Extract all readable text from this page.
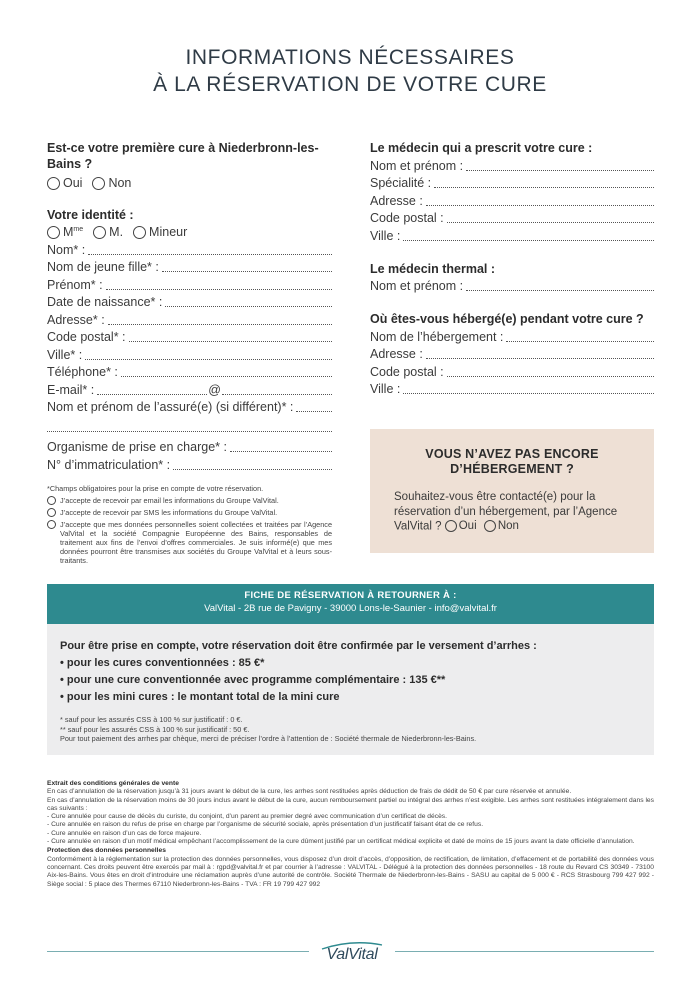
INFORMATIONS NÉCESSAIRES
À LA RÉSERVATION DE VOTRE CURE
Est-ce votre première cure à Niederbronn-les-Bains ?
Oui Non
Votre identité :
$M^{me}$ M. Mineur
Nom* :
Nom de jeune fille* :
Prénom* :
Date de naissance* :
Adresse* :
Code postal* :
Ville* :
Téléphone* :
E-mail* :	@
Nom et prénom de l’assuré(e) (si différent)* :
Organisme de prise en charge* :
N° d’immatriculation* :
*Champs obligatoires pour la prise en compte de votre réservation.
J’accepte de recevoir par email les informations du Groupe ValVital.
J’accepte de recevoir par SMS les informations du Groupe ValVital.
J’accepte que mes données personnelles soient collectées et traitées par l’Agence ValVital et la société Compagnie Européenne des Bains, responsables de traitement aux fins de l’envoi d’offres commerciales. Je suis informé(e) que mes données pourront être transmises aux sociétés du Groupe ValVital et à leurs sous-traitants.
Le médecin qui a prescrit votre cure :
Nom et prénom :
Spécialité :
Adresse :
Code postal :
Ville :
Le médecin thermal :
Nom et prénom :
Où êtes-vous hébergé(e) pendant votre cure ?
Nom de l’hébergement :
Adresse :
Code postal :
Ville :
VOUS N’AVEZ PAS ENCORE
D’HÉBERGEMENT ?
Souhaitez-vous être contacté(e) pour la réservation d’un hébergement, par l’Agence ValVital ? Oui
Non
FICHE DE RÉSERVATION À RETOURNER À :
ValVital - 2B rue de Pavigny - 39000 Lons-le-Saunier - info@valvital.fr
Pour être prise en compte, votre réservation doit être confirmée par le versement d’arrhes :
• pour les cures conventionnées : 85 €*
• pour une cure conventionnée avec programme complémentaire : 135 €**
• pour les mini cures : le montant total de la mini cure
* sauf pour les assurés CSS à 100 % sur justificatif : 0 €.
** sauf pour les assurés CSS à 100 % sur justificatif : 50 €.
Pour tout paiement des arrhes par chèque, merci de préciser l’ordre à l’attention de : Société thermale de Niederbronn-les-Bains.
Extrait des conditions générales de vente
En cas d’annulation de la réservation jusqu’à 31 jours avant le début de la cure, les arrhes sont restituées après déduction de frais de dédit de 50 € par cure réservée et annulée.
En cas d’annulation de la réservation moins de 30 jours inclus avant le début de la cure, aucun remboursement partiel ou intégral des arrhes n’est exigible. Les arrhes sont restituées intégralement dans les cas suivants :
- Cure annulée pour cause de décès du curiste, du conjoint, d’un parent au premier degré avec communication d’un certificat de décès.
- Cure annulée en raison du refus de prise en charge par l’organisme de sécurité sociale, après présentation d’un justificatif faisant état de ce refus.
- Cure annulée en raison d’un cas de force majeure.
- Cure annulée en raison d’un motif médical empêchant l’accomplissement de la cure dûment justifié par un certificat médical explicite et daté de moins de 15 jours avant la date officielle d’annulation.
Protection des données personnelles
Conformément à la réglementation sur la protection des données personnelles, vous disposez d’un droit d’accès, d’opposition, de rectification, de limitation, d’effacement et de portabilité des données vous concernant. Ces droits peuvent être exercés par mail à : rgpd@valvital.fr et par courrier à l’adresse : VALVITAL - Délégué à la protection des données personnelles - 18 route du Revard CS 30349 - 73100 Aix-les-Bains. Vous êtes en droit d’introduire une réclamation auprès d’une autorité de contrôle. Société Thermale de Niederbronn-les-Bains - SASU au capital de 5 000 € - RCS Strasbourg 799 427 992 - Siège social : 5 place des Thermes 67110 Niederbronn-les-Bains - TVA : FR 19 799 427 992
ValVital
